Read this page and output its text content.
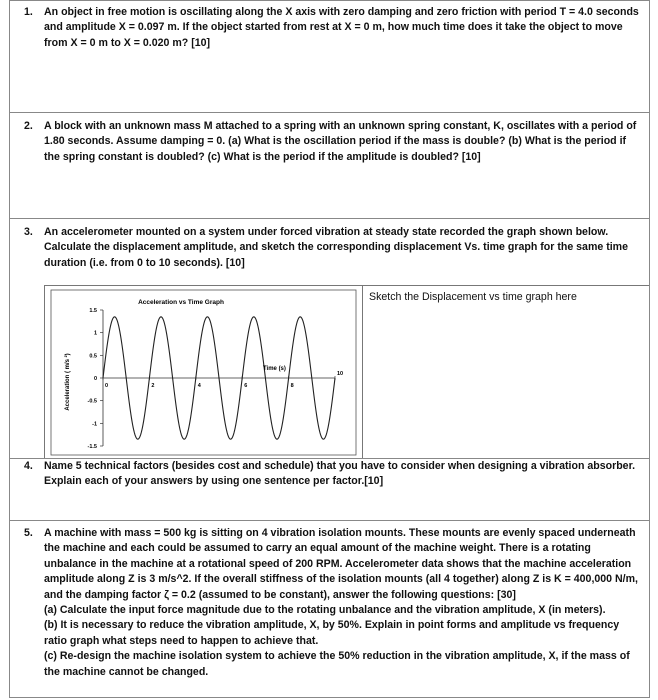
1.	An object in free motion is oscillating along the X axis with zero damping and zero friction with period T = 4.0 seconds and amplitude X = 0.097 m. If the object started from rest at X = 0 m, how much time does it take the object to move from X = 0 m to X = 0.020 m? [10]
2.	A block with an unknown mass M attached to a spring with an unknown spring constant, K, oscillates with a period of 1.80 seconds. Assume damping = 0. (a) What is the oscillation period if the mass is double? (b) What is the period if the spring constant is doubled? (c) What is the period if the amplitude is doubled? [10]
3.	An accelerometer mounted on a system under forced vibration at steady state recorded the graph shown below. Calculate the displacement amplitude, and sketch the corresponding displacement Vs. time graph for the same time duration (i.e. from 0 to 10 seconds). [10]
Acceleration vs Time Graph
Acceleration ( m/s ²)
1.5
1
0.5
0
-0.5
-1
-1.5
0	2	4	6	8
10
Time (s)
Sketch the Displacement vs time graph here
4.	Name 5 technical factors (besides cost and schedule) that you have to consider when designing a vibration absorber. Explain each of your answers by using one sentence per factor.[10]
5.	A machine with mass = 500 kg is sitting on 4 vibration isolation mounts. These mounts are evenly spaced underneath the machine and each could be assumed to carry an equal amount of the machine weight. There is a rotating unbalance in the machine at a rotational speed of 200 RPM. Accelerometer data shows that the machine acceleration amplitude along Z is 3 m/s^2. If the overall stiffness of the isolation mounts (all 4 together) along Z is K = 400,000 N/m, and the damping factor ζ = 0.2 (assumed to be constant), answer the following questions: [30]
(a) Calculate the input force magnitude due to the rotating unbalance and the vibration amplitude, X (in meters).
(b) It is necessary to reduce the vibration amplitude, X, by 50%. Explain in point forms and amplitude vs frequency ratio graph what steps need to happen to achieve that.
(c) Re-design the machine isolation system to achieve the 50% reduction in the vibration amplitude, X, if the mass of the machine cannot be changed.
